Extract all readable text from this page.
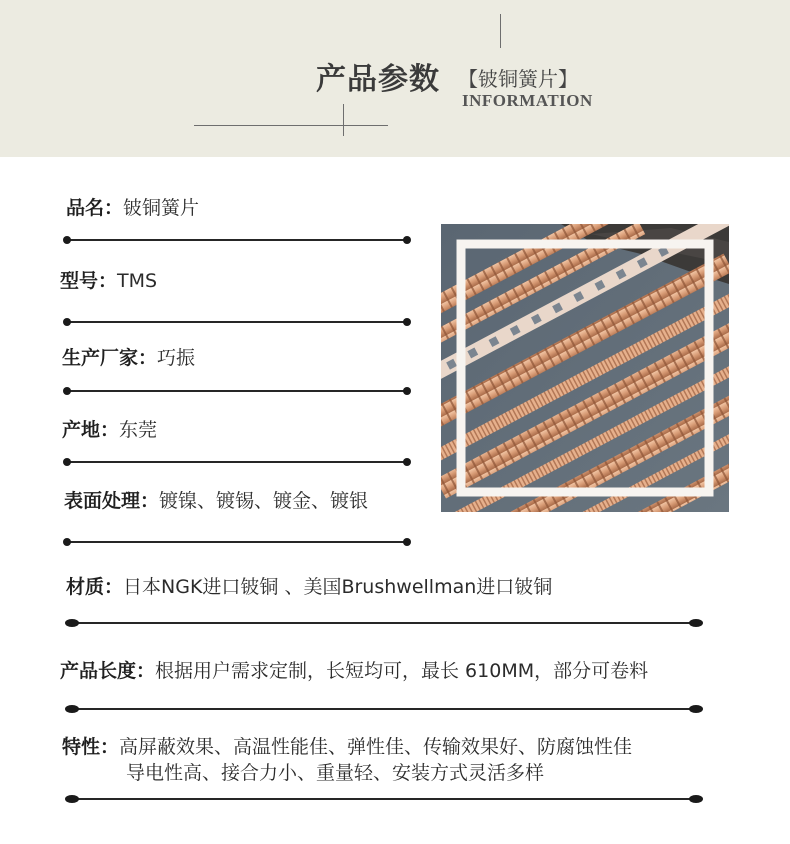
产品参数 【铍铜簧片】
INFORMATION
品名：铍铜簧片
型号：TMS
生产厂家：巧振
产地：东莞
表面处理：镀镍、镀锡、镀金、镀银
材质：日本NGK进口铍铜 、美国Brushwellman进口铍铜
产品长度：根据用户需求定制，长短均可，最长 610MM，部分可卷料
特性：高屏蔽效果、高温性能佳、弹性佳、传输效果好、防腐蚀性佳
导电性高、接合力小、重量轻、安装方式灵活多样
